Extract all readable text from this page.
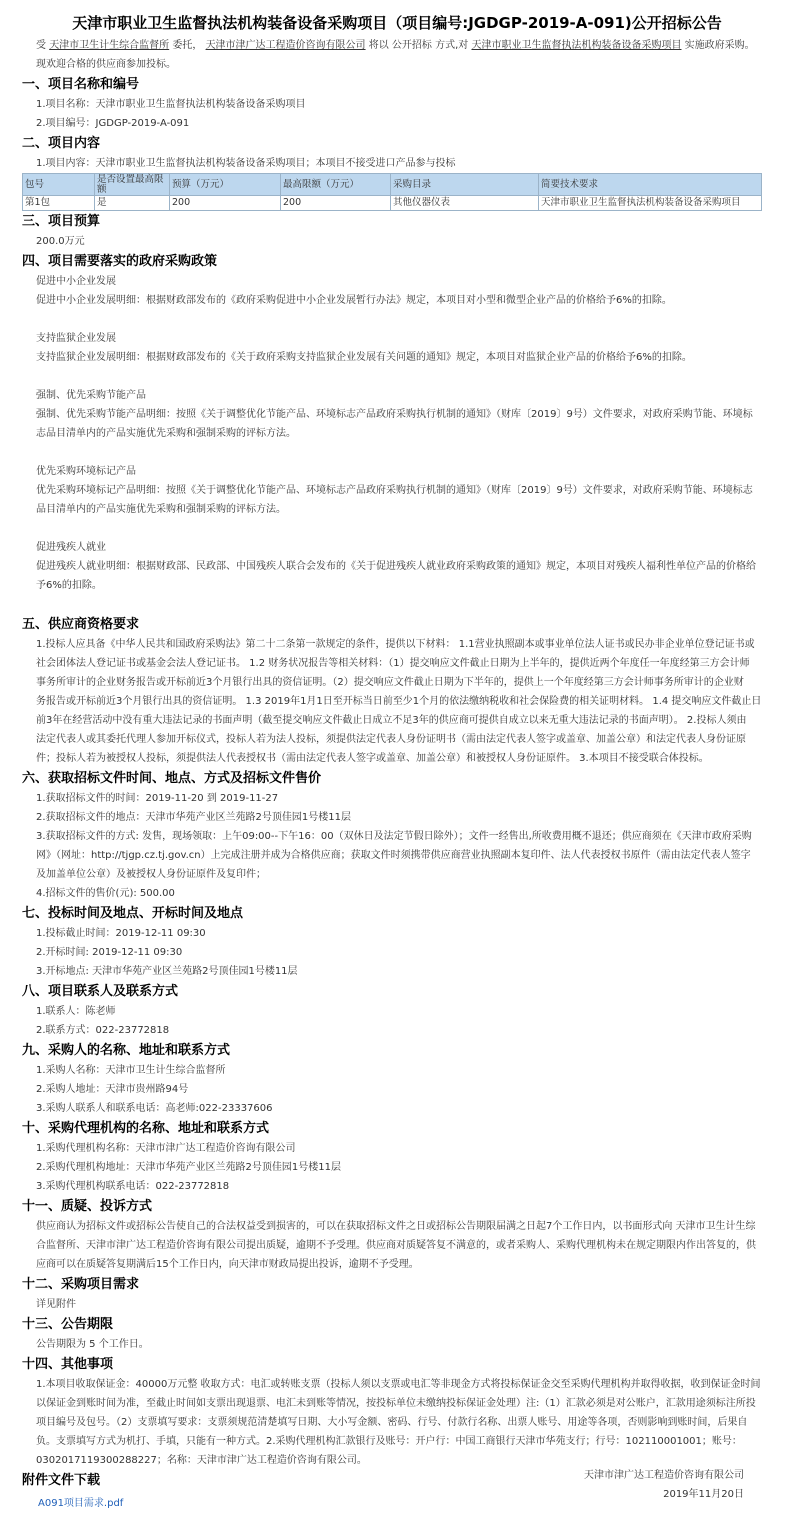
天津市职业卫生监督执法机构装备设备采购项目（项目编号:JGDGP-2019-A-091)公开招标公告
受 天津市卫生计生综合监督所 委托， 天津市津广达工程造价咨询有限公司 将以 公开招标 方式,对 天津市职业卫生监督执法机构装备设备采购项目 实施政府采购。
现欢迎合格的供应商参加投标。
一、项目名称和编号
1.项目名称：天津市职业卫生监督执法机构装备设备采购项目
2.项目编号：JGDGP-2019-A-091
二、项目内容
1.项目内容：天津市职业卫生监督执法机构装备设备采购项目；本项目不接受进口产品参与投标
包号	是否设置最高限额	预算（万元）	最高限额（万元）	采购目录	简要技术要求
第1包	是	200	200	其他仪器仪表	天津市职业卫生监督执法机构装备设备采购项目
三、项目预算
200.0万元
四、项目需要落实的政府采购政策
促进中小企业发展
促进中小企业发展明细：根据财政部发布的《政府采购促进中小企业发展暂行办法》规定，本项目对小型和微型企业产品的价格给予6%的扣除。
支持监狱企业发展
支持监狱企业发展明细：根据财政部发布的《关于政府采购支持监狱企业发展有关问题的通知》规定，本项目对监狱企业产品的价格给予6%的扣除。
强制、优先采购节能产品
强制、优先采购节能产品明细：按照《关于调整优化节能产品、环境标志产品政府采购执行机制的通知》（财库〔2019〕9号）文件要求，对政府采购节能、环境标
志品目清单内的产品实施优先采购和强制采购的评标方法。
优先采购环境标记产品
优先采购环境标记产品明细：按照《关于调整优化节能产品、环境标志产品政府采购执行机制的通知》（财库〔2019〕9号）文件要求，对政府采购节能、环境标志
品目清单内的产品实施优先采购和强制采购的评标方法。
促进残疾人就业
促进残疾人就业明细：根据财政部、民政部、中国残疾人联合会发布的《关于促进残疾人就业政府采购政策的通知》规定，本项目对残疾人福利性单位产品的价格给
予6%的扣除。
五、供应商资格要求
1.投标人应具备《中华人民共和国政府采购法》第二十二条第一款规定的条件，提供以下材料： 1.1营业执照副本或事业单位法人证书或民办非企业单位登记证书或
社会团体法人登记证书或基金会法人登记证书。 1.2 财务状况报告等相关材料：（1）提交响应文件截止日期为上半年的，提供近两个年度任一年度经第三方会计师
事务所审计的企业财务报告或开标前近3个月银行出具的资信证明。（2）提交响应文件截止日期为下半年的，提供上一个年度经第三方会计师事务所审计的企业财
务报告或开标前近3个月银行出具的资信证明。 1.3 2019年1月1日至开标当日前至少1个月的依法缴纳税收和社会保险费的相关证明材料。 1.4 提交响应文件截止日
前3年在经营活动中没有重大违法记录的书面声明（截至提交响应文件截止日成立不足3年的供应商可提供自成立以来无重大违法记录的书面声明）。 2.投标人须由
法定代表人或其委托代理人参加开标仪式，投标人若为法人投标，须提供法定代表人身份证明书（需由法定代表人签字或盖章、加盖公章）和法定代表人身份证原
件；投标人若为被授权人投标，须提供法人代表授权书（需由法定代表人签字或盖章、加盖公章）和被授权人身份证原件。 3.本项目不接受联合体投标。
六、获取招标文件时间、地点、方式及招标文件售价
1.获取招标文件的时间：2019-11-20 到 2019-11-27
2.获取招标文件的地点：天津市华苑产业区兰苑路2号顶佳园1号楼11层
3.获取招标文件的方式: 发售，现场领取：上午09:00--下午16：00（双休日及法定节假日除外）；文件一经售出,所收费用概不退还；供应商须在《天津市政府采购
网》（网址：http://tjgp.cz.tj.gov.cn）上完成注册并成为合格供应商；获取文件时须携带供应商营业执照副本复印件、法人代表授权书原件（需由法定代表人签字
及加盖单位公章）及被授权人身份证原件及复印件；
4.招标文件的售价(元): 500.00
七、投标时间及地点、开标时间及地点
1.投标截止时间：2019-12-11 09:30
2.开标时间: 2019-12-11 09:30
3.开标地点: 天津市华苑产业区兰苑路2号顶佳园1号楼11层
八、项目联系人及联系方式
1.联系人：陈老师
2.联系方式：022-23772818
九、采购人的名称、地址和联系方式
1.采购人名称：天津市卫生计生综合监督所
2.采购人地址：天津市贵州路94号
3.采购人联系人和联系电话：高老师:022-23337606
十、采购代理机构的名称、地址和联系方式
1.采购代理机构名称：天津市津广达工程造价咨询有限公司
2.采购代理机构地址：天津市华苑产业区兰苑路2号顶佳园1号楼11层
3.采购代理机构联系电话：022-23772818
十一、质疑、投诉方式
供应商认为招标文件或招标公告使自己的合法权益受到损害的，可以在获取招标文件之日或招标公告期限届满之日起7个工作日内，以书面形式向 天津市卫生计生综
合监督所、天津市津广达工程造价咨询有限公司提出质疑，逾期不予受理。供应商对质疑答复不满意的，或者采购人、采购代理机构未在规定期限内作出答复的，供
应商可以在质疑答复期满后15个工作日内，向天津市财政局提出投诉，逾期不予受理。
十二、采购项目需求
详见附件
十三、公告期限
公告期限为 5 个工作日。
十四、其他事项
1.本项目收取保证金：40000万元整 收取方式：电汇或转账支票（投标人须以支票或电汇等非现金方式将投标保证金交至采购代理机构并取得收据，收到保证金时间
以保证金到账时间为准，至截止时间如支票出现退票、电汇未到账等情况，按投标单位未缴纳投标保证金处理）注:（1）汇款必须是对公账户，汇款用途须标注所投
项目编号及包号。（2）支票填写要求：支票须规范清楚填写日期、大小写金额、密码、行号、付款行名称、出票人账号、用途等各项，否则影响到账时间，后果自
负。支票填写方式为机打、手填，只能有一种方式。2.采购代理机构汇款银行及账号：开户行：中国工商银行天津市华苑支行；行号：102110001001；账号：
0302017119300288227；名称：天津市津广达工程造价咨询有限公司。
附件文件下载
A091项目需求.pdf
天津市津广达工程造价咨询有限公司
2019年11月20日
